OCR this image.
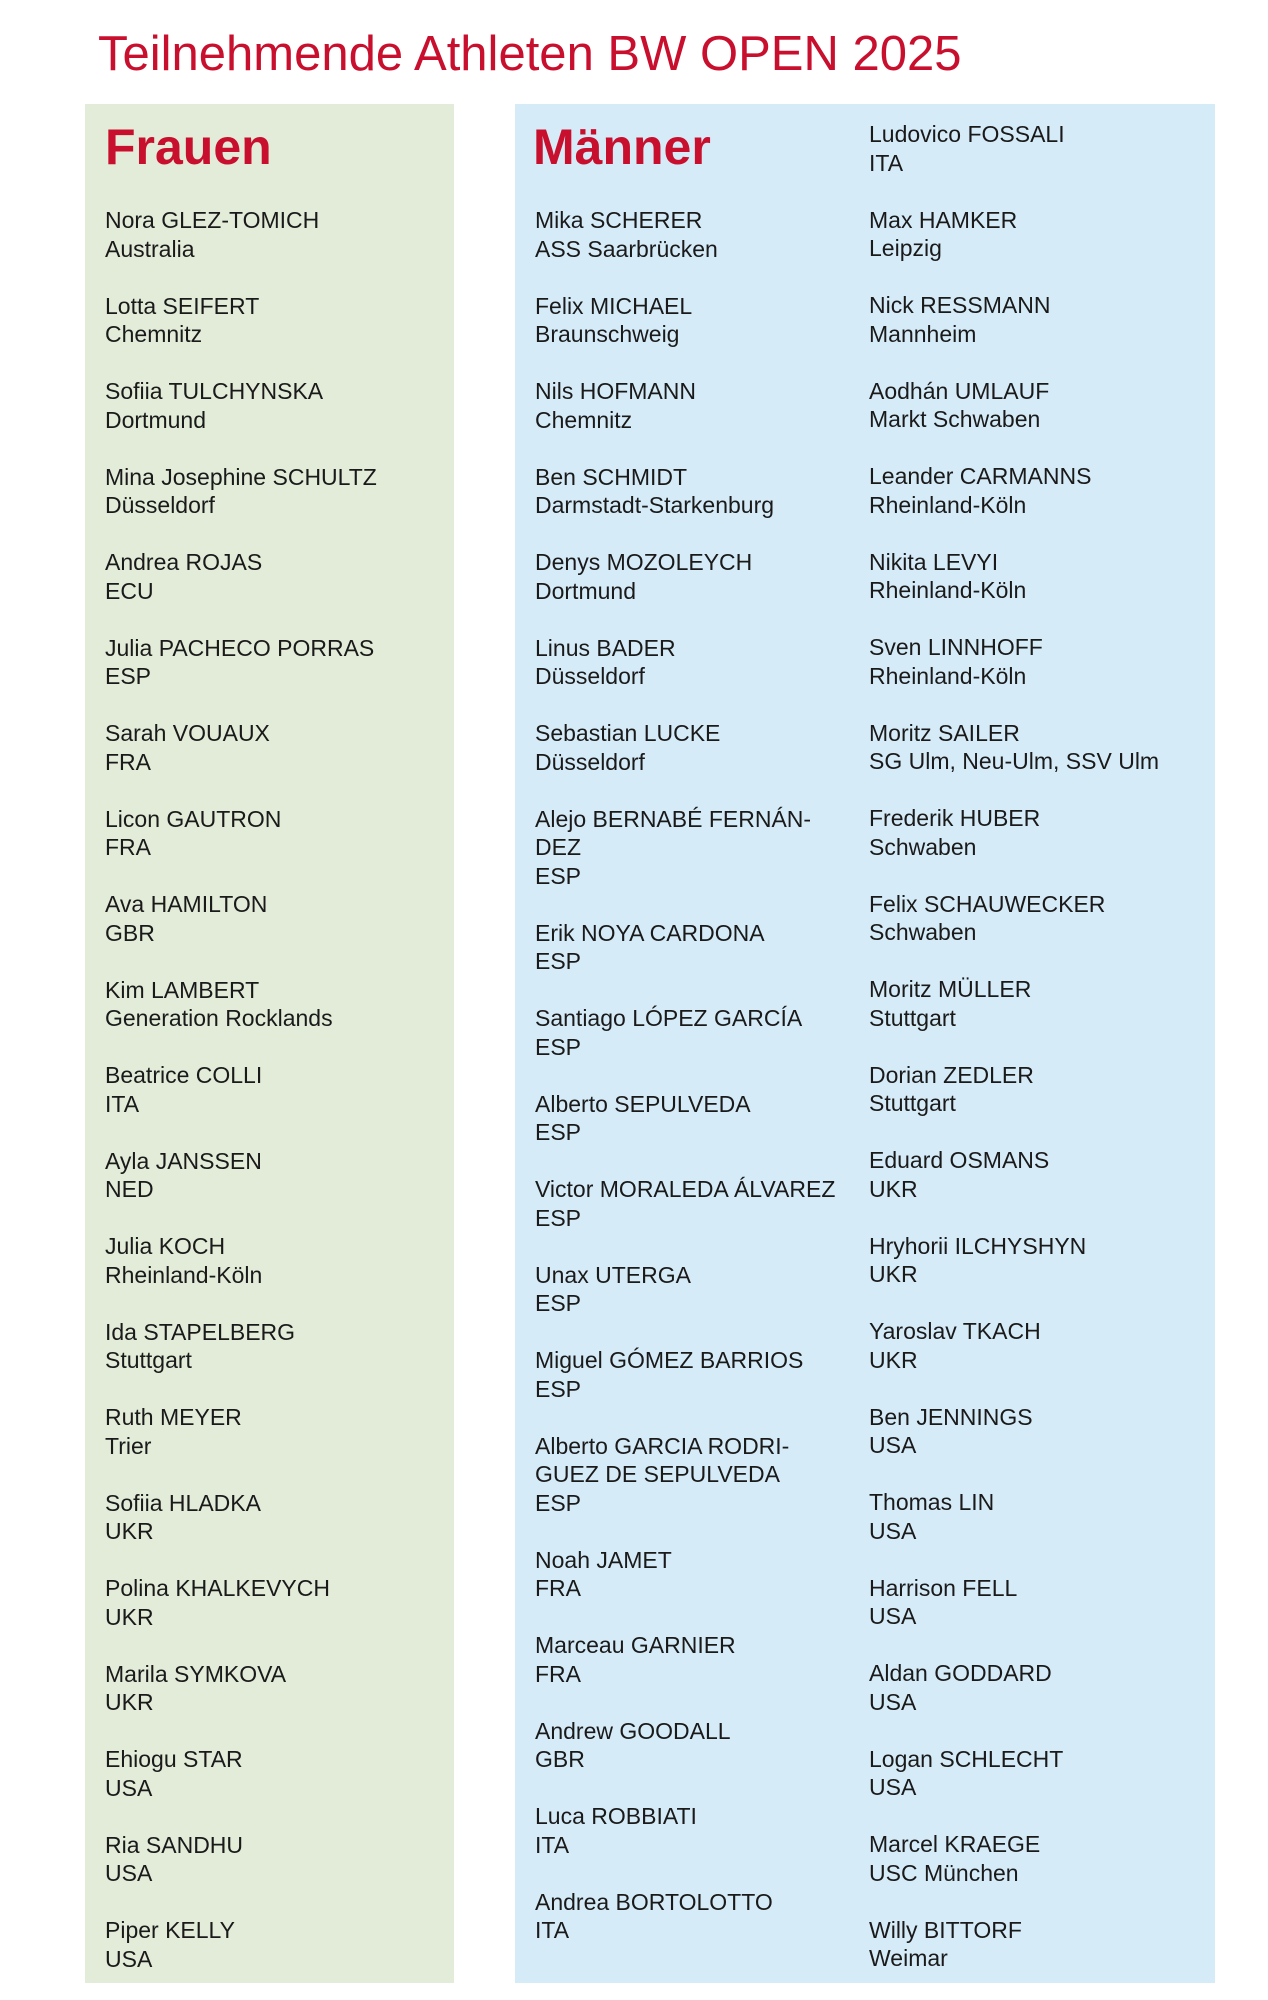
Teilnehmende Athleten BW OPEN 2025
Frauen	Männer
Nora GLEZ-TOMICH
Australia
Lotta SEIFERT
Chemnitz
Sofiia TULCHYNSKA
Dortmund
Mina Josephine SCHULTZ
Düsseldorf
Andrea ROJAS
ECU
Julia PACHECO PORRAS
ESP
Sarah VOUAUX
FRA
Licon GAUTRON
FRA
Ava HAMILTON
GBR
Kim LAMBERT
Generation Rocklands
Beatrice COLLI
ITA
Ayla JANSSEN
NED
Julia KOCH
Rheinland-Köln
Ida STAPELBERG
Stuttgart
Ruth MEYER
Trier
Sofiia HLADKA
UKR
Polina KHALKEVYCH
UKR
Marila SYMKOVA
UKR
Ehiogu STAR
USA
Ria SANDHU
USA
Piper KELLY
USA
Mika SCHERER
ASS Saarbrücken
Felix MICHAEL
Braunschweig
Nils HOFMANN
Chemnitz
Ben SCHMIDT
Darmstadt-Starkenburg
Denys MOZOLEYCH
Dortmund
Linus BADER
Düsseldorf
Sebastian LUCKE
Düsseldorf
Alejo BERNABÉ FERNÁN-
DEZ
ESP
Erik NOYA CARDONA
ESP
Santiago LÓPEZ GARCÍA
ESP
Alberto SEPULVEDA
ESP
Victor MORALEDA ÁLVAREZ
ESP
Unax UTERGA
ESP
Miguel GÓMEZ BARRIOS
ESP
Alberto GARCIA RODRI-
GUEZ DE SEPULVEDA
ESP
Noah JAMET
FRA
Marceau GARNIER
FRA
Andrew GOODALL
GBR
Luca ROBBIATI
ITA
Andrea BORTOLOTTO
ITA
Ludovico FOSSALI
ITA
Max HAMKER
Leipzig
Nick RESSMANN
Mannheim
Aodhán UMLAUF
Markt Schwaben
Leander CARMANNS
Rheinland-Köln
Nikita LEVYI
Rheinland-Köln
Sven LINNHOFF
Rheinland-Köln
Moritz SAILER
SG Ulm, Neu-Ulm, SSV Ulm
Frederik HUBER
Schwaben
Felix SCHAUWECKER
Schwaben
Moritz MÜLLER
Stuttgart
Dorian ZEDLER
Stuttgart
Eduard OSMANS
UKR
Hryhorii ILCHYSHYN
UKR
Yaroslav TKACH
UKR
Ben JENNINGS
USA
Thomas LIN
USA
Harrison FELL
USA
Aldan GODDARD
USA
Logan SCHLECHT
USA
Marcel KRAEGE
USC München
Willy BITTORF
Weimar
